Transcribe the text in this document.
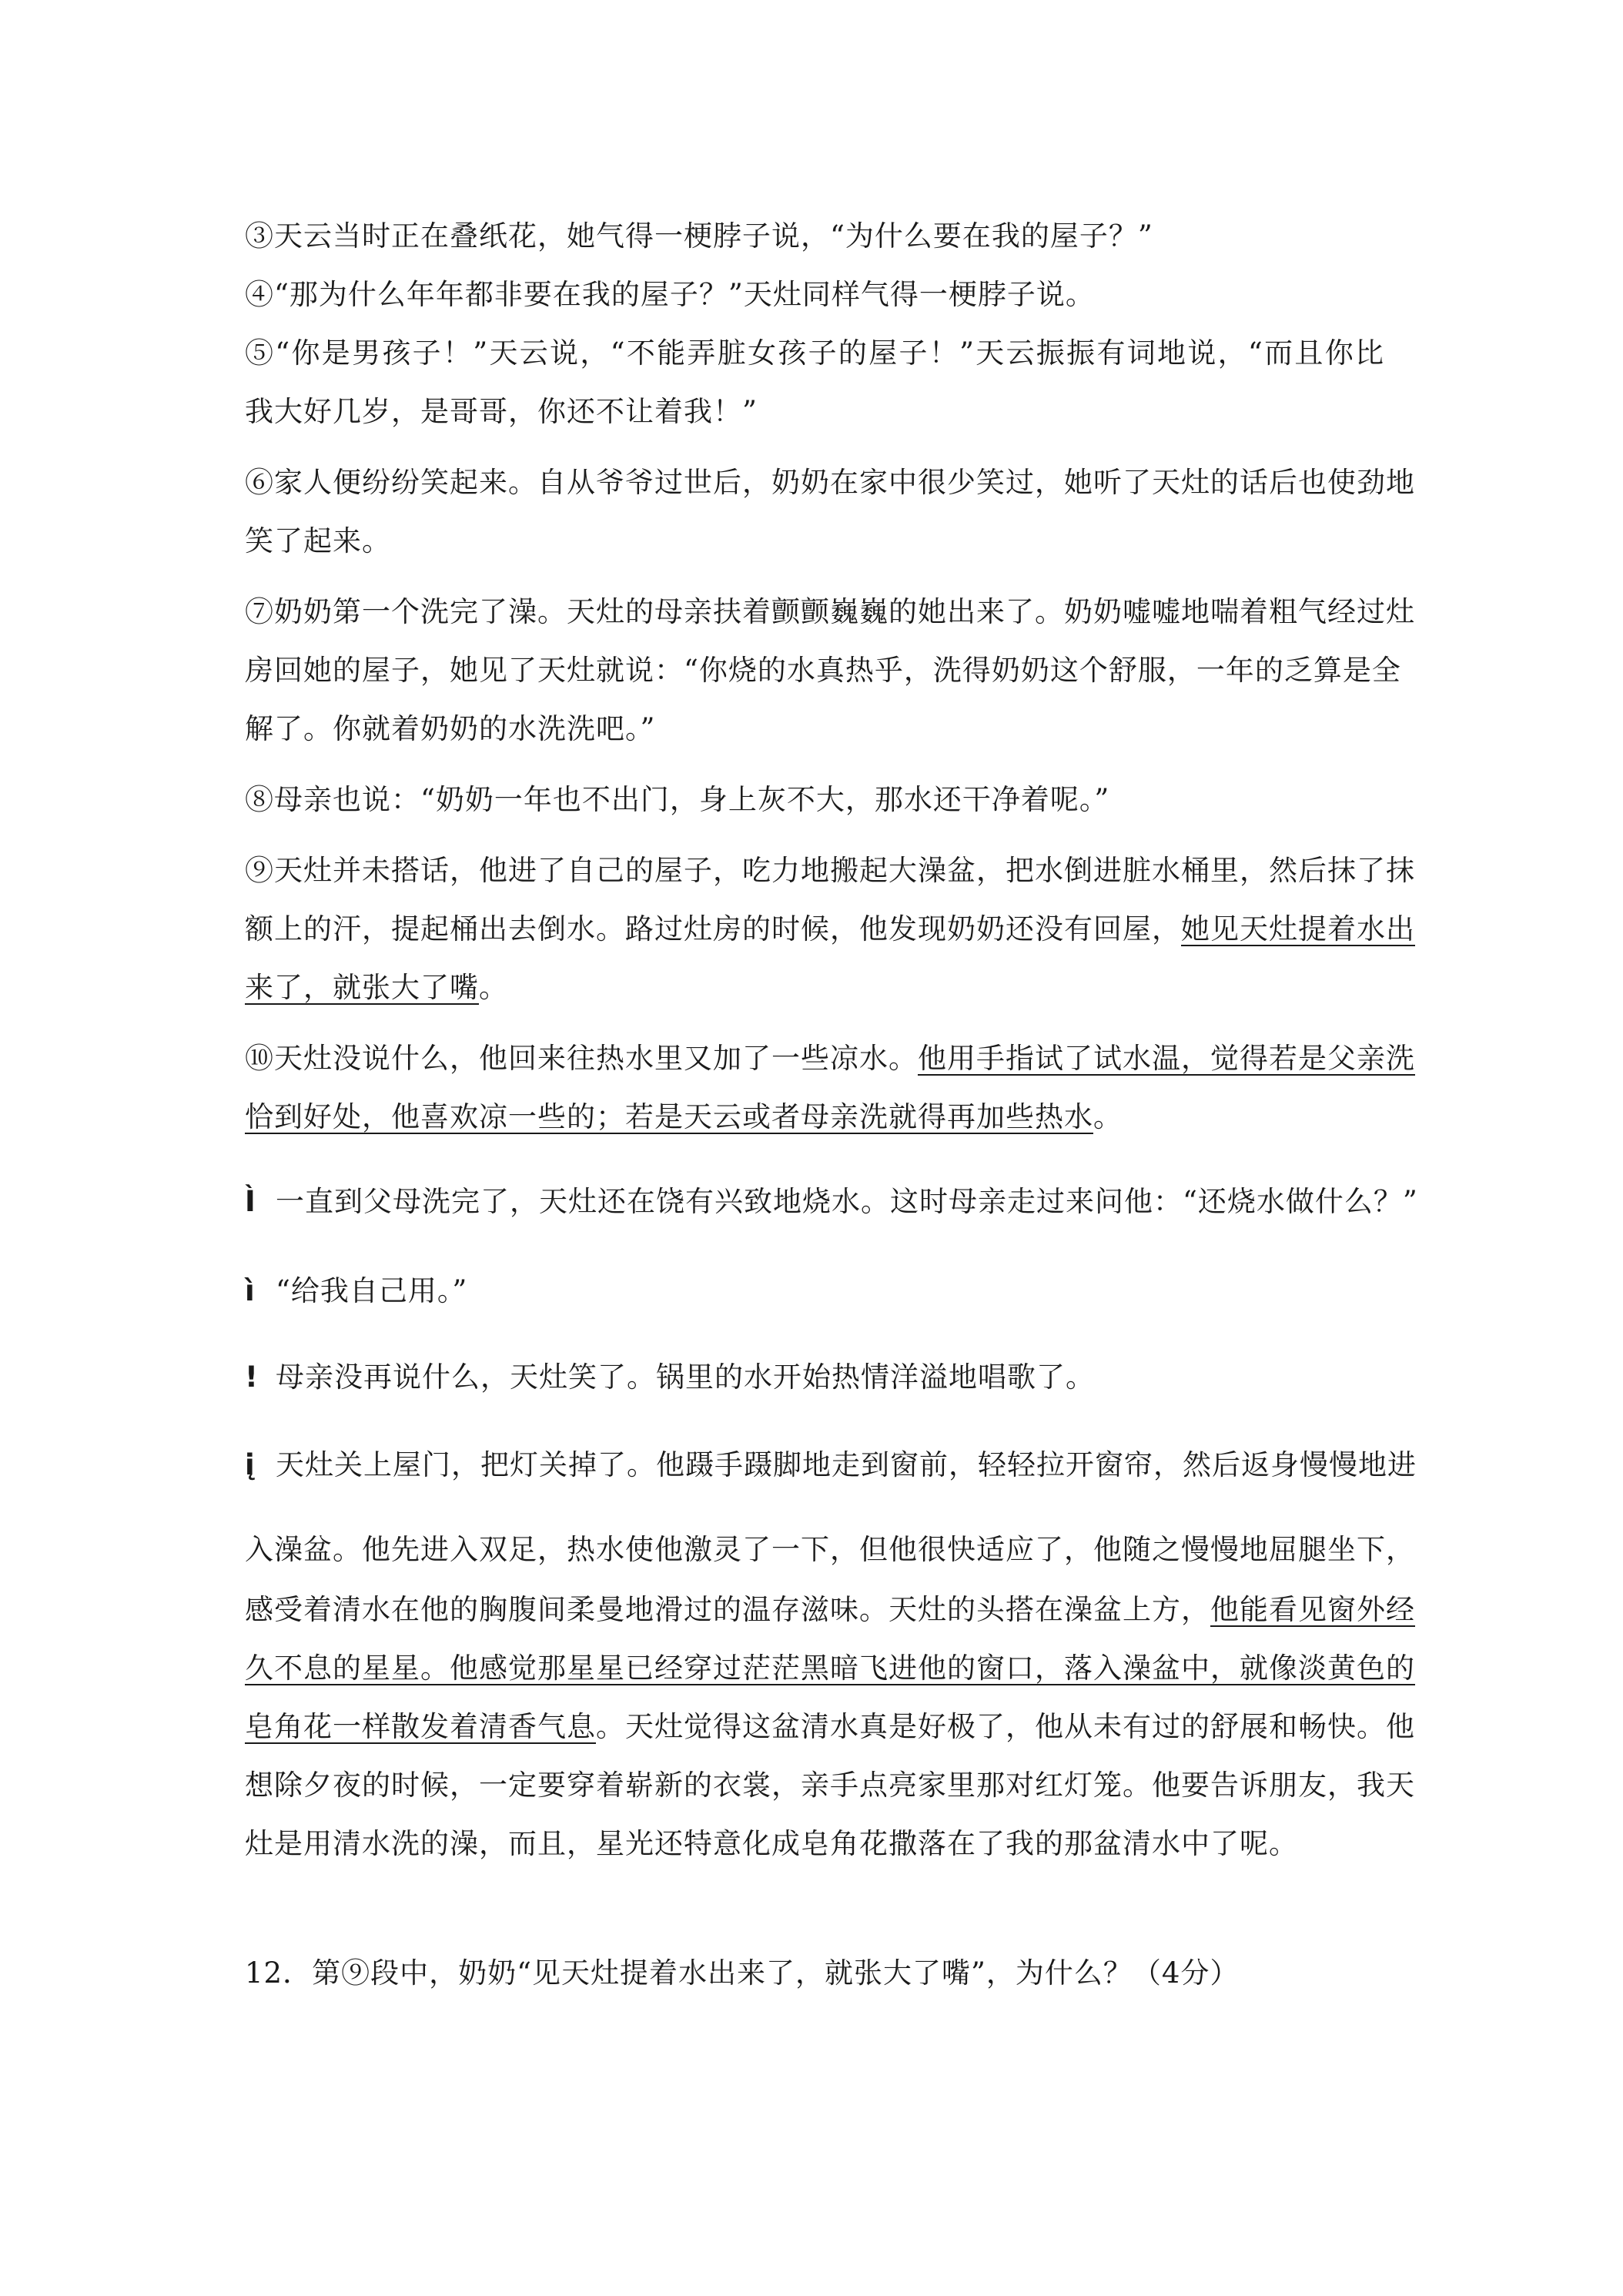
③天云当时正在叠纸花，她气得一梗脖子说，“为什么要在我的屋子？”
④“那为什么年年都非要在我的屋子？”天灶同样气得一梗脖子说。
⑤“你是男孩子！”天云说，“不能弄脏女孩子的屋子！”天云振振有词地说，“而且你比
我大好几岁，是哥哥，你还不让着我！”
⑥家人便纷纷笑起来。自从爷爷过世后，奶奶在家中很少笑过，她听了天灶的话后也使劲地
笑了起来。
⑦奶奶第一个洗完了澡。天灶的母亲扶着颤颤巍巍的她出来了。奶奶嘘嘘地喘着粗气经过灶
房回她的屋子，她见了天灶就说：“你烧的水真热乎，洗得奶奶这个舒服，一年的乏算是全
解了。你就着奶奶的水洗洗吧。”
⑧母亲也说：“奶奶一年也不出门，身上灰不大，那水还干净着呢。”
⑨天灶并未搭话，他进了自己的屋子，吃力地搬起大澡盆，把水倒进脏水桶里，然后抹了抹
额上的汗，提起桶出去倒水。路过灶房的时候，他发现奶奶还没有回屋，她见天灶提着水出
来了，就张大了嘴。
⑩天灶没说什么，他回来往热水里又加了一些凉水。他用手指试了试水温，觉得若是父亲洗
恰到好处，他喜欢凉一些的；若是天云或者母亲洗就得再加些热水。
Ì 一直到父母洗完了，天灶还在饶有兴致地烧水。这时母亲走过来问他：“还烧水做什么？”
ì “给我自己用。”
! 母亲没再说什么，天灶笑了。锅里的水开始热情洋溢地唱歌了。
į 天灶关上屋门，把灯关掉了。他蹑手蹑脚地走到窗前，轻轻拉开窗帘，然后返身慢慢地进
入澡盆。他先进入双足，热水使他激灵了一下，但他很快适应了，他随之慢慢地屈腿坐下，
感受着清水在他的胸腹间柔曼地滑过的温存滋味。天灶的头搭在澡盆上方，他能看见窗外经
久不息的星星。他感觉那星星已经穿过茫茫黑暗飞进他的窗口，落入澡盆中，就像淡黄色的
皂角花一样散发着清香气息。天灶觉得这盆清水真是好极了，他从未有过的舒展和畅快。他
想除夕夜的时候，一定要穿着崭新的衣裳，亲手点亮家里那对红灯笼。他要告诉朋友，我天
灶是用清水洗的澡，而且，星光还特意化成皂角花撒落在了我的那盆清水中了呢。
12．第⑨段中，奶奶“见天灶提着水出来了，就张大了嘴”，为什么？（4分）
